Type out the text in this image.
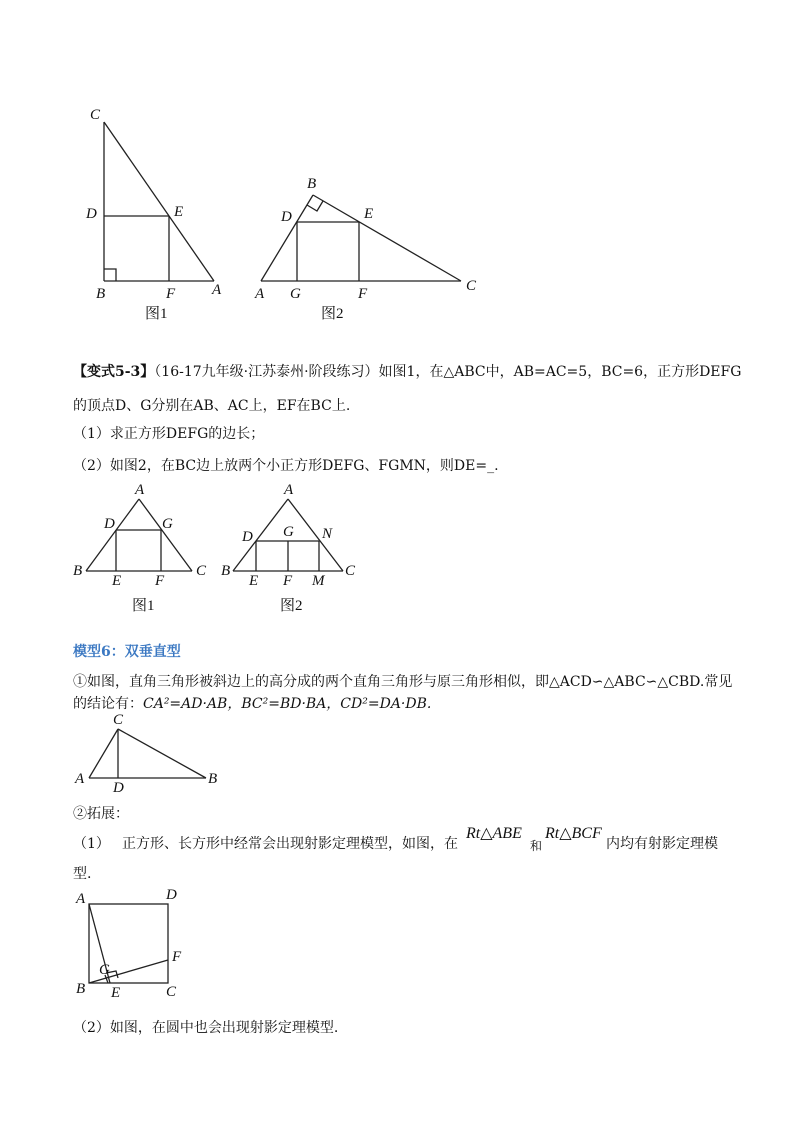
C
D	E
B	F A
图1
B
D	E
A G	F	C
图2
【变式5-3】（16-17九年级·江苏泰州·阶段练习）如图1，在△ABC中，AB=AC=5，BC=6，正方形DEFG
的顶点D、G分别在AB、AC上，EF在BC上.
（1）求正方形DEFG的边长；
（2）如图2，在BC边上放两个小正方形DEFG、FGMN，则DE=_.
A
D	G
B
E F
C
图1
A
D G N
B
E F M
C
图2
模型6：双垂直型
①如图，直角三角形被斜边上的高分成的两个直角三角形与原三角形相似，即△ACD∽△ABC∽△CBD.常见
的结论有：CA²=AD·AB，BC²=BD·BA，CD²=DA·DB.
C
A
D
B
②拓展：
（1） 正方形、长方形中经常会出现射影定理模型，如图，在
Rt△ABE
和
Rt△BCF
内均有射影定理模
型.
A	D
F
G
B E	C
（2）如图，在圆中也会出现射影定理模型.
